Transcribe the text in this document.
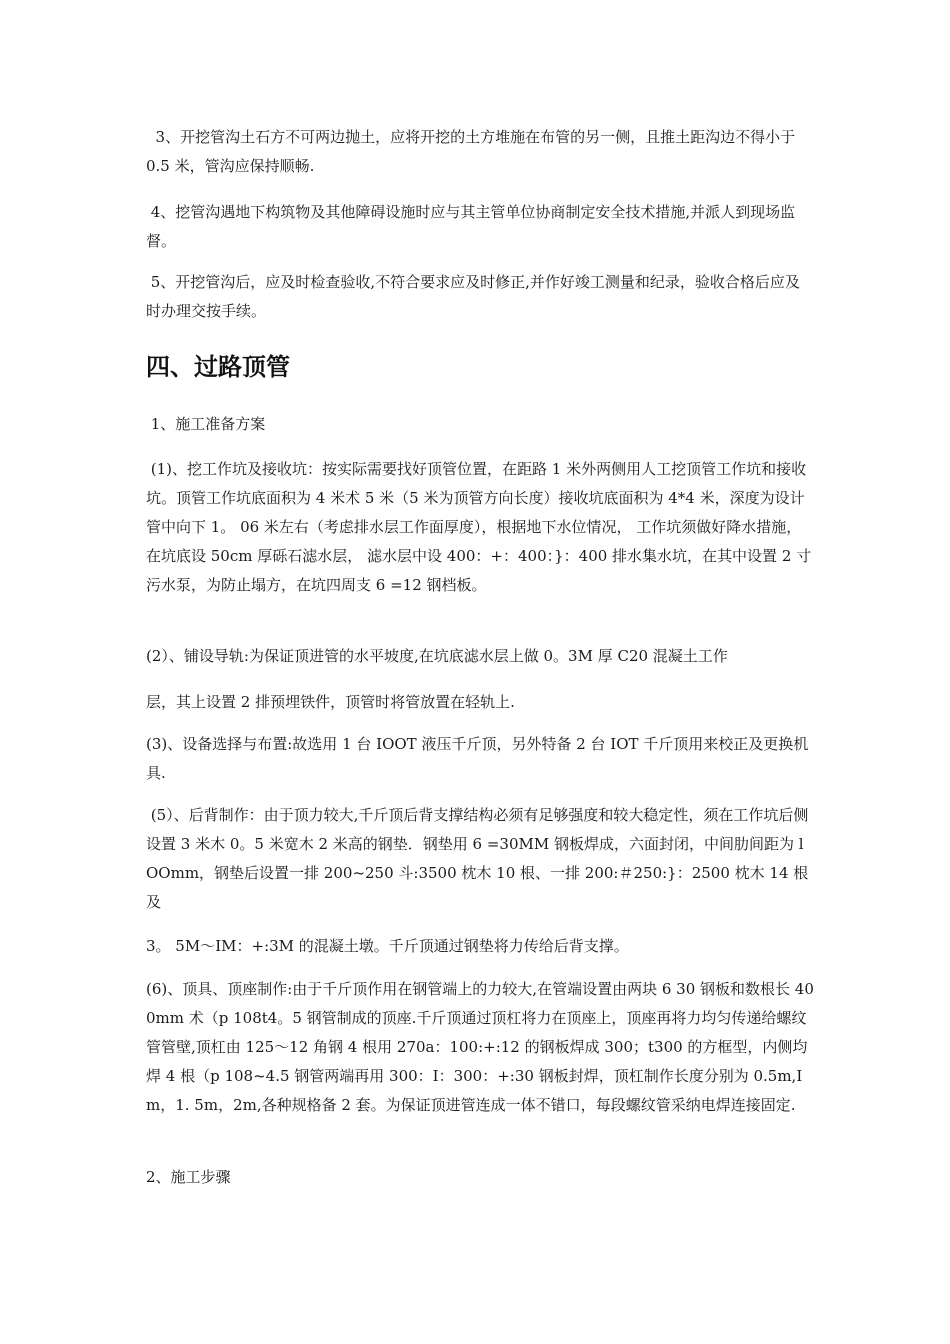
3、开挖管沟土石方不可两边抛土，应将开挖的土方堆施在布管的另一侧，且推土距沟边不得小于 0.5 米，管沟应保持顺畅.

4、挖管沟遇地下构筑物及其他障碍设施时应与其主管单位协商制定安全技术措施,并派人到现场监督。

5、开挖管沟后，应及时检查验收,不符合要求应及时修正,并作好竣工测量和纪录，验收合格后应及时办理交按手续。

四、过路顶管

1、施工准备方案

(1)、挖工作坑及接收坑：按实际需要找好顶管位置，在距路 1 米外两侧用人工挖顶管工作坑和接收坑。顶管工作坑底面积为 4 米术 5 米（5 米为顶管方向长度）接收坑底面积为 4*4 米，深度为设计管中向下 1。 06 米左右（考虑排水层工作面厚度），根据地下水位情况， 工作坑须做好降水措施， 在坑底设 50cm 厚砾石滤水层， 滤水层中设 400：+：400：}：400 排水集水坑，在其中设置 2 寸污水泵，为防止塌方，在坑四周支 6 =12 钢档板。

(2）、铺设导轨:为保证顶进管的水平坡度,在坑底滤水层上做 0。3M 厚 C20 混凝土工作

层，其上设置 2 排预埋铁件，顶管时将管放置在轻轨上.

(3)、设备选择与布置:故选用 1 台 IOOT 液压千斤顶，另外特备 2 台 IOT 千斤顶用来校正及更换机具.

(5）、后背制作：由于顶力较大,千斤顶后背支撑结构必须有足够强度和较大稳定性，须在工作坑后侧设置 3 米木 0。5 米宽木 2 米高的钢垫．钢垫用 6 =30MM 钢板焊成，六面封闭，中间肋间距为 lOOmm，钢垫后设置一排 200~250 斗:3500 枕木 10 根、一排 200:＃250:}：2500 枕木 14 根及

3。 5M～IM：+:3M 的混凝土墩。千斤顶通过钢垫将力传给后背支撑。

(6)、顶具、顶座制作:由于千斤顶作用在钢管端上的力较大,在管端设置由两块 6 30 钢板和数根长 400mm 术（p 108t4。5 钢管制成的顶座.千斤顶通过顶杠将力在顶座上，顶座再将力均匀传递给螺纹管管壁,顶杠由 125～12 角钢 4 根用 270a：100:+:12 的钢板焊成 300；t300 的方框型，内侧均焊 4 根（p 108~4.5 钢管两端再用 300：I：300：+:30 钢板封焊，顶杠制作长度分别为 0.5m,Im，1. 5m，2m,各种规格备 2 套。为保证顶进管连成一体不错口，每段螺纹管采纳电焊连接固定.

2、施工步骤
